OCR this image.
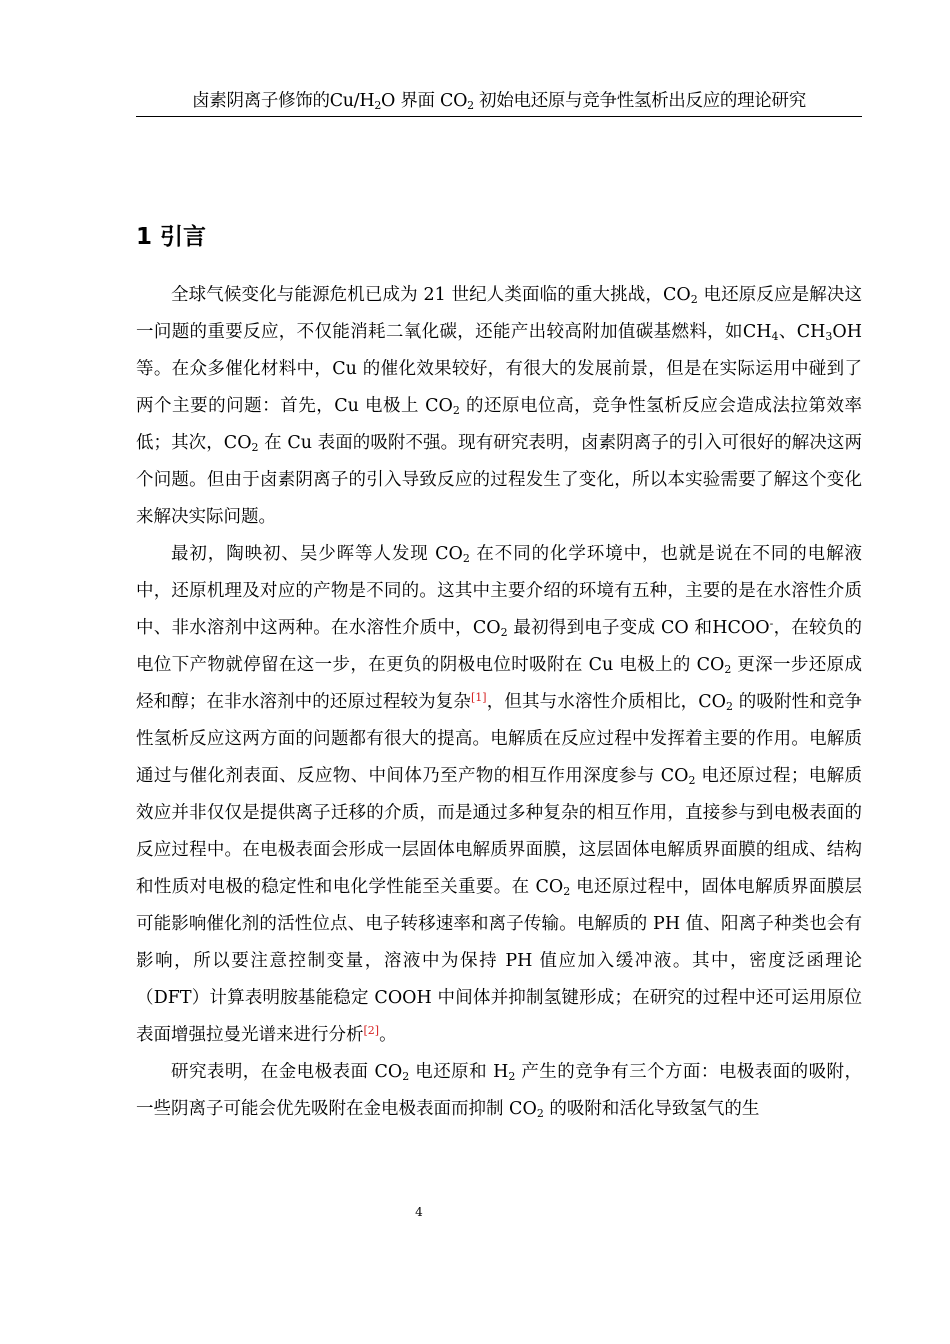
卤素阴离子修饰的$Cu/H_2O$ 界面 $CO_2$ 初始电还原与竞争性氢析出反应的理论研究
1 引言

全球气候变化与能源危机已成为 21 世纪人类面临的重大挑战，$CO_2$ 电还原反应是解决这一问题的重要反应，不仅能消耗二氧化碳，还能产出较高附加值碳基燃料，如$CH_4$、$CH_3OH$ 等。在众多催化材料中，Cu 的催化效果较好，有很大的发展前景，但是在实际运用中碰到了两个主要的问题：首先，Cu 电极上 $CO_2$ 的还原电位高，竞争性氢析反应会造成法拉第效率低；其次，$CO_2$ 在 Cu 表面的吸附不强。现有研究表明，卤素阴离子的引入可很好的解决这两个问题。但由于卤素阴离子的引入导致反应的过程发生了变化，所以本实验需要了解这个变化来解决实际问题。

最初，陶映初、吴少晖等人发现 $CO_2$ 在不同的化学环境中，也就是说在不同的电解液中，还原机理及对应的产物是不同的。这其中主要介绍的环境有五种，主要的是在水溶性介质中、非水溶剂中这两种。在水溶性介质中，$CO_2$ 最初得到电子变成 CO 和HCOO-，在较负的电位下产物就停留在这一步，在更负的阴极电位时吸附在 Cu 电极上的 $CO_2$ 更深一步还原成烃和醇；在非水溶剂中的还原过程较为复杂[1]，但其与水溶性介质相比，$CO_2$ 的吸附性和竞争性氢析反应这两方面的问题都有很大的提高。电解质在反应过程中发挥着主要的作用。电解质通过与催化剂表面、反应物、中间体乃至产物的相互作用深度参与 $CO_2$ 电还原过程；电解质效应并非仅仅是提供离子迁移的介质，而是通过多种复杂的相互作用，直接参与到电极表面的反应过程中。在电极表面会形成一层固体电解质界面膜，这层固体电解质界面膜的组成、结构和性质对电极的稳定性和电化学性能至关重要。在 $CO_2$ 电还原过程中，固体电解质界面膜层可能影响催化剂的活性位点、电子转移速率和离子传输。电解质的 PH 值、阳离子种类也会有影响，所以要注意控制变量，溶液中为保持 PH 值应加入缓冲液。其中，密度泛函理论（DFT）计算表明胺基能稳定 COOH 中间体并抑制氢键形成；在研究的过程中还可运用原位表面增强拉曼光谱来进行分析[2]。

研究表明，在金电极表面 $CO_2$ 电还原和 $H_2$ 产生的竞争有三个方面：电极表面的吸附，一些阴离子可能会优先吸附在金电极表面而抑制 $CO_2$ 的吸附和活化导致氢气的生

4
